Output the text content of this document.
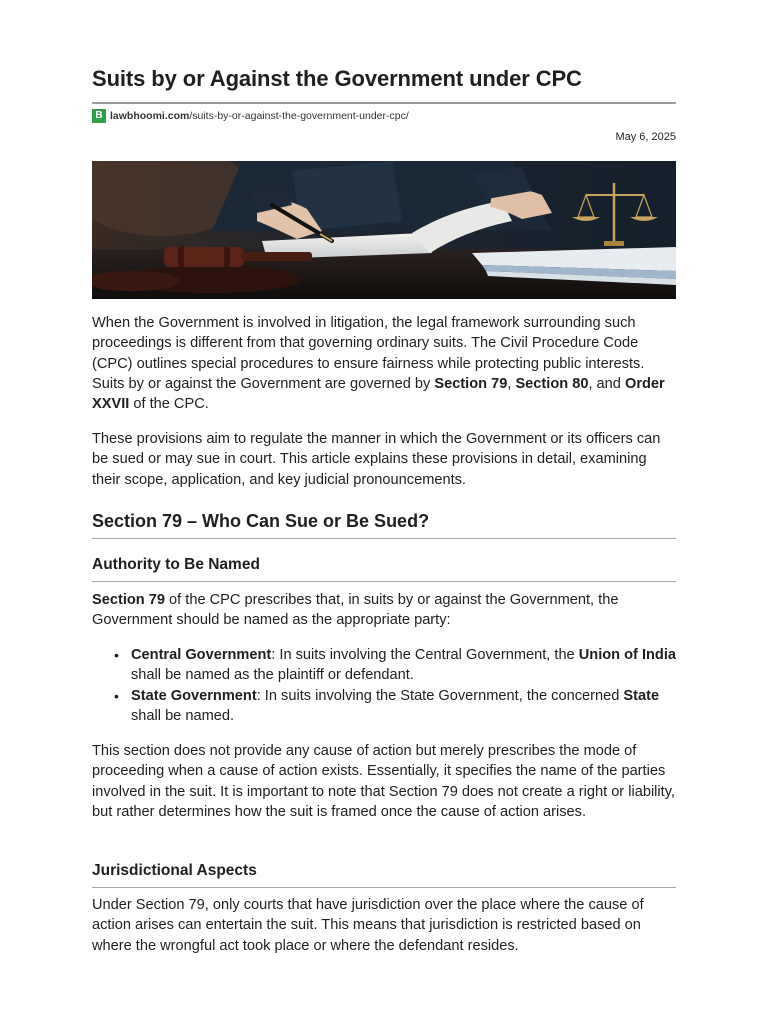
Suits by or Against the Government under CPC
B lawbhoomi.com /suits-by-or-against-the-government-under-cpc/
May 6, 2025

When the Government is involved in litigation, the legal framework surrounding such proceedings is different from that governing ordinary suits. The Civil Procedure Code (CPC) outlines special procedures to ensure fairness while protecting public interests. Suits by or against the Government are governed by Section 79, Section 80, and Order XXVII of the CPC.

These provisions aim to regulate the manner in which the Government or its officers can be sued or may sue in court. This article explains these provisions in detail, examining their scope, application, and key judicial pronouncements.

Section 79 – Who Can Sue or Be Sued?
Authority to Be Named

Section 79 of the CPC prescribes that, in suits by or against the Government, the Government should be named as the appropriate party:

• Central Government: In suits involving the Central Government, the Union of India shall be named as the plaintiff or defendant.
• State Government: In suits involving the State Government, the concerned State shall be named.

This section does not provide any cause of action but merely prescribes the mode of proceeding when a cause of action exists. Essentially, it specifies the name of the parties involved in the suit. It is important to note that Section 79 does not create a right or liability, but rather determines how the suit is framed once the cause of action arises.

Jurisdictional Aspects

Under Section 79, only courts that have jurisdiction over the place where the cause of action arises can entertain the suit. This means that jurisdiction is restricted based on where the wrongful act took place or where the defendant resides.
